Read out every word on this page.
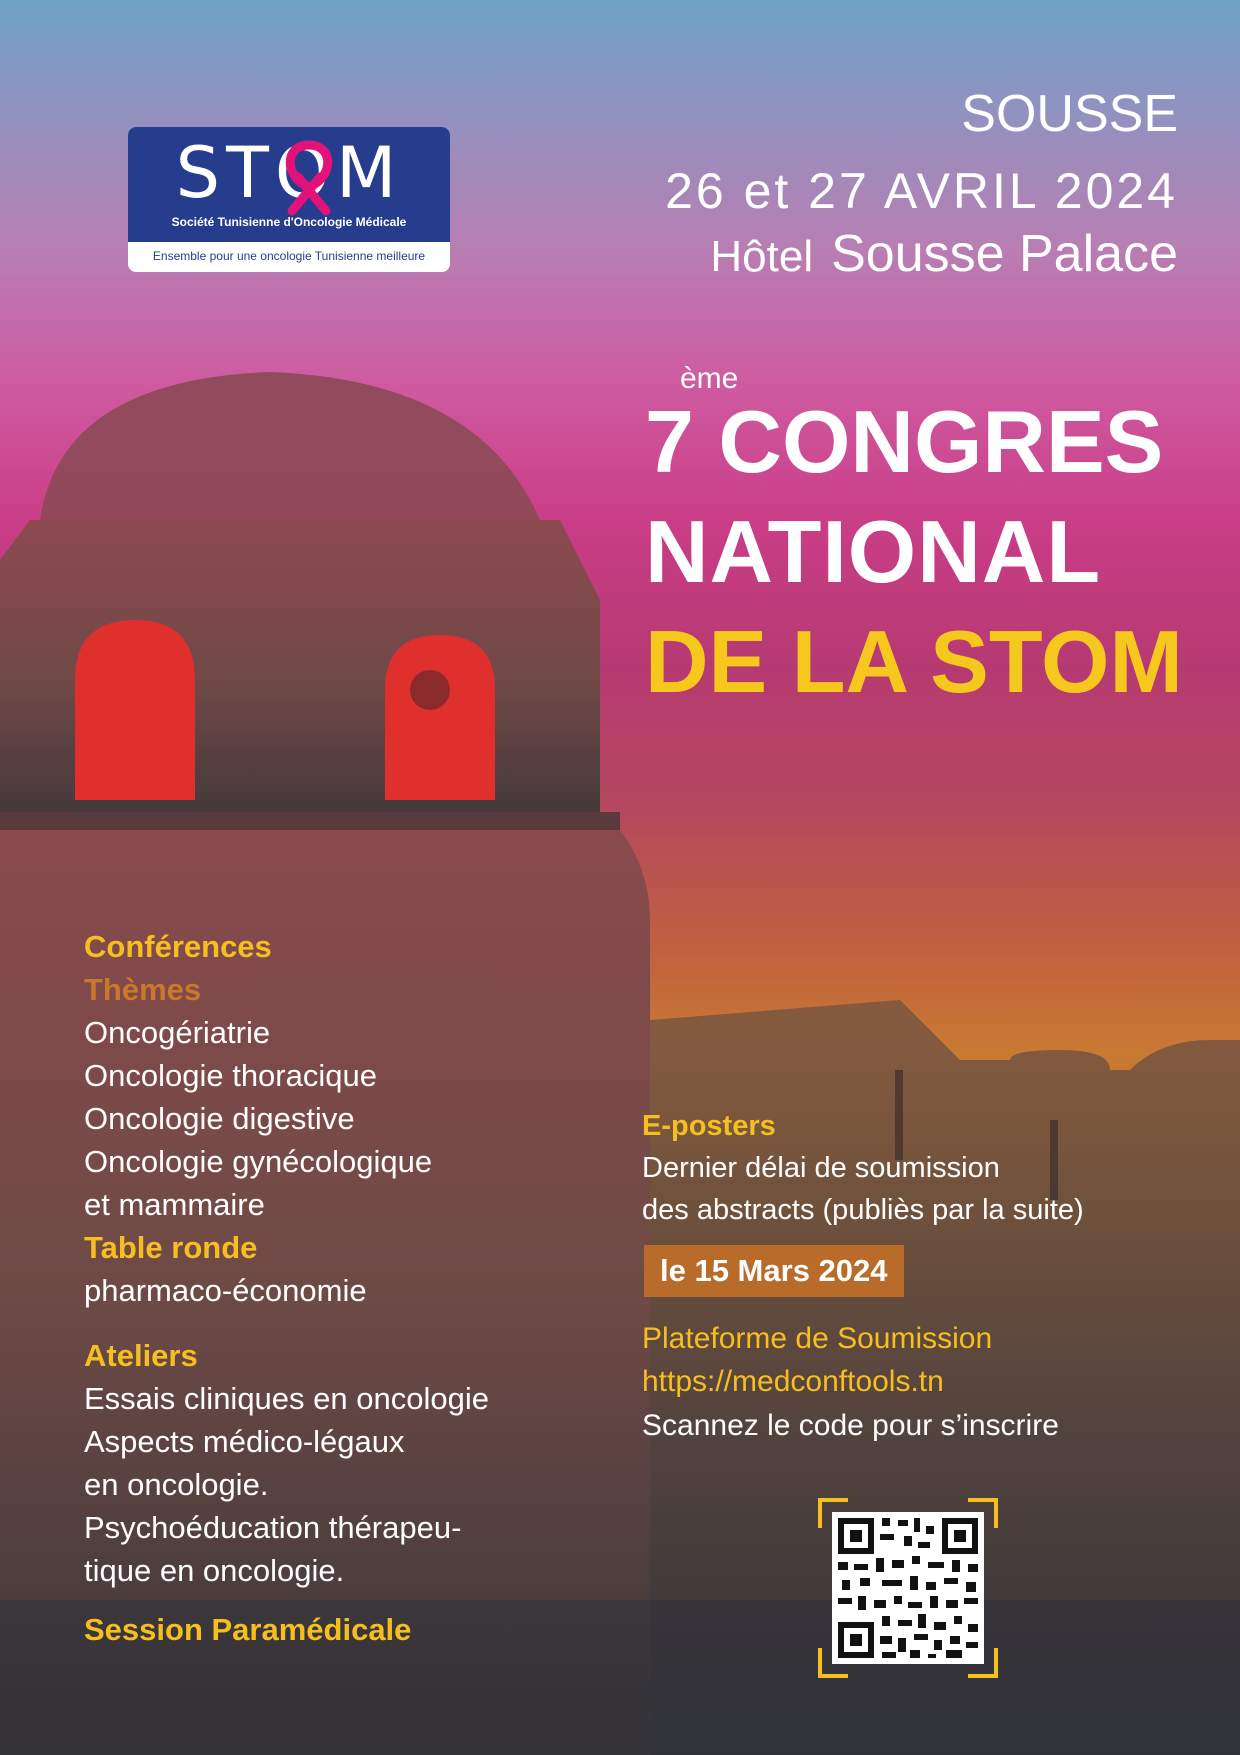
STOM
Société Tunisienne d'Oncologie Médicale
Ensemble pour une oncologie Tunisienne meilleure
SOUSSE
26 et 27 AVRIL 2024
Hôtel Sousse Palace
ème
7 CONGRES
NATIONAL
DE LA STOM
Conférences
Thèmes
Oncogériatrie
Oncologie thoracique
Oncologie digestive
Oncologie gynécologique
et mammaire
Table ronde
pharmaco-économie
Ateliers
Essais cliniques en oncologie
Aspects médico-légaux
en oncologie.
Psychoéducation thérapeu-
tique en oncologie.
Session Paramédicale
E-posters
Dernier délai de soumission
des abstracts (publiès par la suite)
le 15 Mars 2024
Plateforme de Soumission
https://medconftools.tn
Scannez le code pour s’inscrire
